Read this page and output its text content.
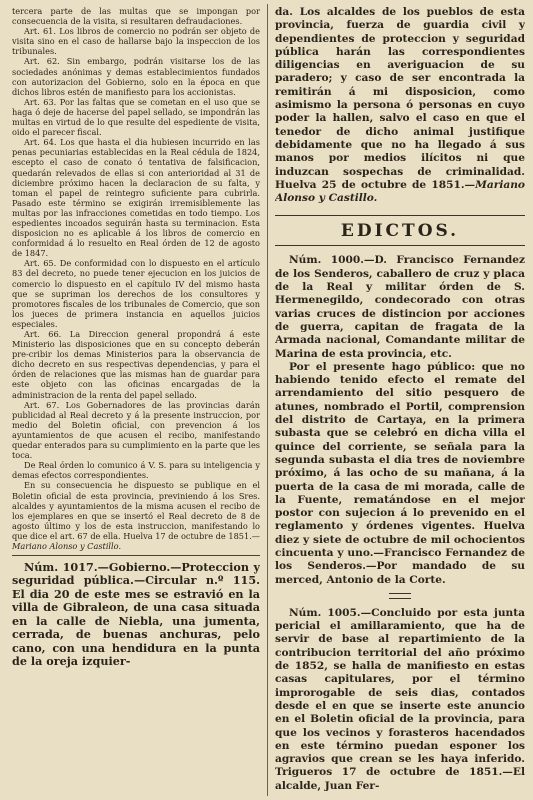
tercera parte de las multas que se impongan por consecuencia de la visita, si resultaren defraudaciones.

Art. 61. Los libros de comercio no podrán ser objeto de visita sino en el caso de hallarse bajo la inspeccion de los tribunales.

Art. 62. Sin embargo, podrán visitarse los de las sociedades anónimas y demas establecimientos fundados con autorizacion del Gobierno, solo en la época en que dichos libros estén de manifiesto para los accionistas.

Art. 63. Por las faltas que se cometan en el uso que se haga ó deje de hacerse del papel sellado, se impondrán las multas en virtud de lo que resulte del espediente de visita, oido el parecer fiscal.

Art. 64. Los que hasta el dia hubiesen incurrido en las penas pecuniarias establecidas en la Real cédula de 1824, escepto el caso de conato ó tentativa de falsificacion, quedarán relevados de ellas si con anterioridad al 31 de diciembre próximo hacen la declaracion de su falta, y toman el papel de reintegro suficiente para cubrirla. Pasado este término se exigirán irremisiblemente las multas por las infracciones cometidas en todo tiempo. Los espedientes incoados seguirán hasta su terminacion. Esta disposicion no es aplicable á los libros de comercio en conformidad á lo resuelto en Real órden de 12 de agosto de 1847.

Art. 65. De conformidad con lo dispuesto en el artículo 83 del decreto, no puede tener ejecucion en los juicios de comercio lo dispuesto en el capítulo IV del mismo hasta que se supriman los derechos de los consultores y promotores fiscales de los tribunales de Comercio, que son los jueces de primera instancia en aquellos juicios especiales.

Art. 66. La Direccion general propondrá á este Ministerio las disposiciones que en su concepto deberán pre-cribir los demas Ministerios para la observancia de dicho decreto en sus respectivas dependencias, y para el órden de relaciones que las mismas han de guardar para este objeto con las oficinas encargadas de la administracion de la renta del papel sellado.

Art. 67. Los Gobernadores de las provincias darán publicidad al Real decreto y á la presente instruccion, por medio del Boletin oficial, con prevencion á los ayuntamientos de que acusen el recibo, manifestando quedar enterados para su cumplimiento en la parte que les toca.

De Real órden lo comunico á V. S. para su inteligencia y demas efectos correspondientes.

En su consecuencia he dispuesto se publique en el Boletin oficial de esta provincia, previniendo á los Sres. alcaldes y ayuntamientos de la misma acusen el recibo de los ejemplares en que se insertó el Real decreto de 8 de agosto último y los de esta instruccion, manifestando lo que dice el art. 67 de ella. Huelva 17 de octubre de 1851.—Mariano Alonso y Castillo.

Núm. 1017.—Gobierno.—Proteccion y seguridad pública.—Circular n.º 115. El dia 20 de este mes se estravió en la villa de Gibraleon, de una casa situada en la calle de Niebla, una jumenta, cerrada, de buenas anchuras, pelo cano, con una hendidura en la punta de la oreja izquier-

da. Los alcaldes de los pueblos de esta provincia, fuerza de guardia civil y dependientes de proteccion y seguridad pública harán las correspondientes diligencias en averiguacion de su paradero; y caso de ser encontrada la remitirán á mi disposicion, como asimismo la persona ó personas en cuyo poder la hallen, salvo el caso en que el tenedor de dicho animal justifique debidamente que no ha llegado á sus manos por medios ilícitos ni que induzcan sospechas de criminalidad. Huelva 25 de octubre de 1851.—Mariano Alonso y Castillo.

EDICTOS.

Núm. 1000.—D. Francisco Fernandez de los Senderos, caballero de cruz y placa de la Real y militar órden de S. Hermenegildo, condecorado con otras varias cruces de distincion por acciones de guerra, capitan de fragata de la Armada nacional, Comandante militar de Marina de esta provincia, etc.

Por el presente hago público: que no habiendo tenido efecto el remate del arrendamiento del sitio pesquero de atunes, nombrado el Portil, comprension del distrito de Cartaya, en la primera subasta que se celebró en dicha villa el quince del corriente, se señala para la segunda subasta el dia tres de noviembre próximo, á las ocho de su mañana, á la puerta de la casa de mi morada, calle de la Fuente, rematándose en el mejor postor con sujecion á lo prevenido en el reglamento y órdenes vigentes. Huelva diez y siete de octubre de mil ochocientos cincuenta y uno.—Francisco Fernandez de los Senderos.—Por mandado de su merced, Antonio de la Corte.

Núm. 1005.—Concluido por esta junta pericial el amillaramiento, que ha de servir de base al repartimiento de la contribucion territorial del año próximo de 1852, se halla de manifiesto en estas casas capitulares, por el término improrogable de seis dias, contados desde el en que se inserte este anuncio en el Boletin oficial de la provincia, para que los vecinos y forasteros hacendados en este término puedan esponer los agravios que crean se les haya inferido. Trigueros 17 de octubre de 1851.—El alcalde, Juan Fer-
